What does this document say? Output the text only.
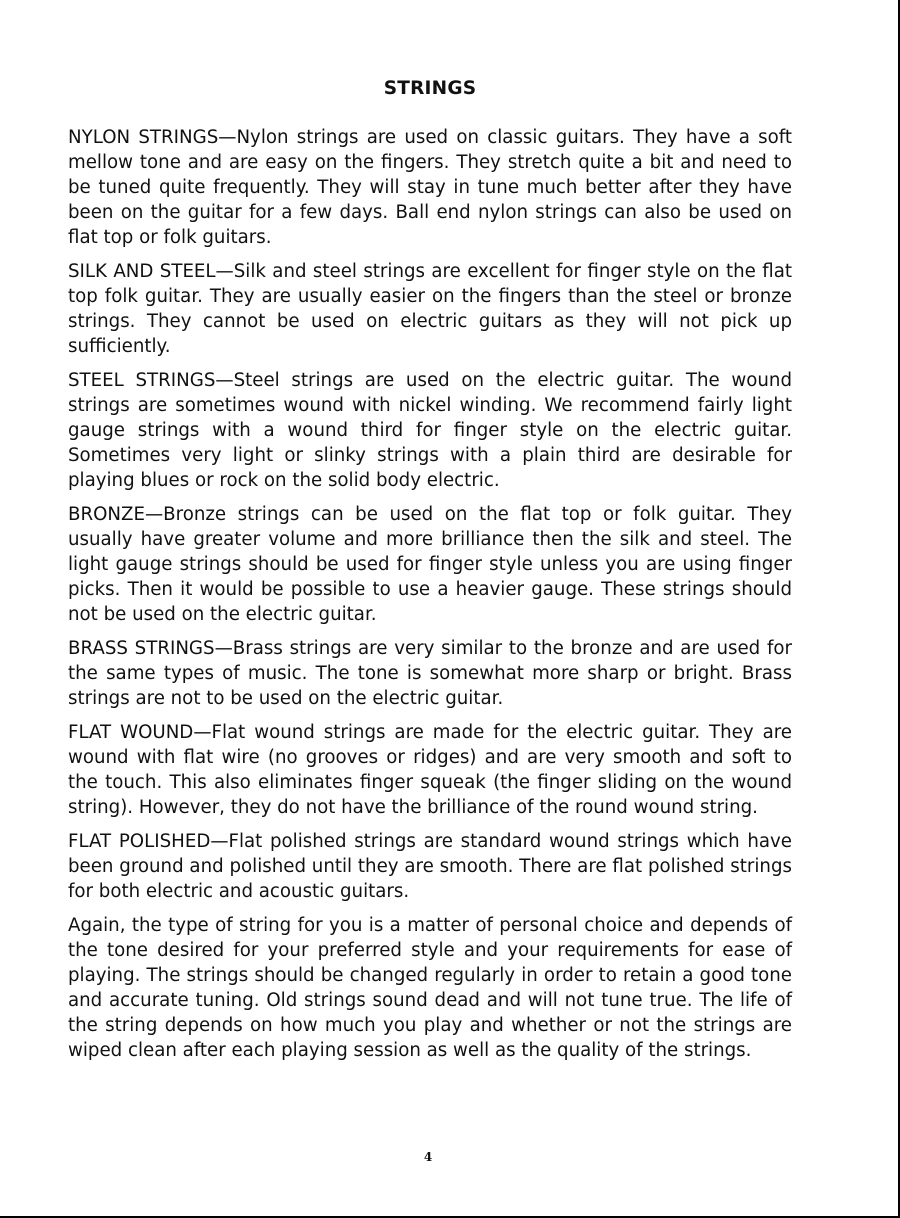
STRINGS

NYLON STRINGS—Nylon strings are used on classic guitars. They have a soft mellow tone and are easy on the fingers. They stretch quite a bit and need to be tuned quite frequently. They will stay in tune much better after they have been on the guitar for a few days. Ball end nylon strings can also be used on flat top or folk guitars.

SILK AND STEEL—Silk and steel strings are excellent for finger style on the flat top folk guitar. They are usually easier on the fingers than the steel or bronze strings. They cannot be used on electric guitars as they will not pick up sufficiently.

STEEL STRINGS—Steel strings are used on the electric guitar. The wound strings are sometimes wound with nickel winding. We recommend fairly light gauge strings with a wound third for finger style on the electric guitar. Sometimes very light or slinky strings with a plain third are desirable for playing blues or rock on the solid body electric.

BRONZE—Bronze strings can be used on the flat top or folk guitar. They usually have greater volume and more brilliance then the silk and steel. The light gauge strings should be used for finger style unless you are using finger picks. Then it would be possible to use a heavier gauge. These strings should not be used on the electric guitar.

BRASS STRINGS—Brass strings are very similar to the bronze and are used for the same types of music. The tone is somewhat more sharp or bright. Brass strings are not to be used on the electric guitar.

FLAT WOUND—Flat wound strings are made for the electric guitar. They are wound with flat wire (no grooves or ridges) and are very smooth and soft to the touch. This also eliminates finger squeak (the finger sliding on the wound string). However, they do not have the brilliance of the round wound string.

FLAT POLISHED—Flat polished strings are standard wound strings which have been ground and polished until they are smooth. There are flat polished strings for both electric and acoustic guitars.

Again, the type of string for you is a matter of personal choice and depends of the tone desired for your preferred style and your requirements for ease of playing. The strings should be changed regularly in order to retain a good tone and accurate tuning. Old strings sound dead and will not tune true. The life of the string depends on how much you play and whether or not the strings are wiped clean after each playing session as well as the quality of the strings.

4
